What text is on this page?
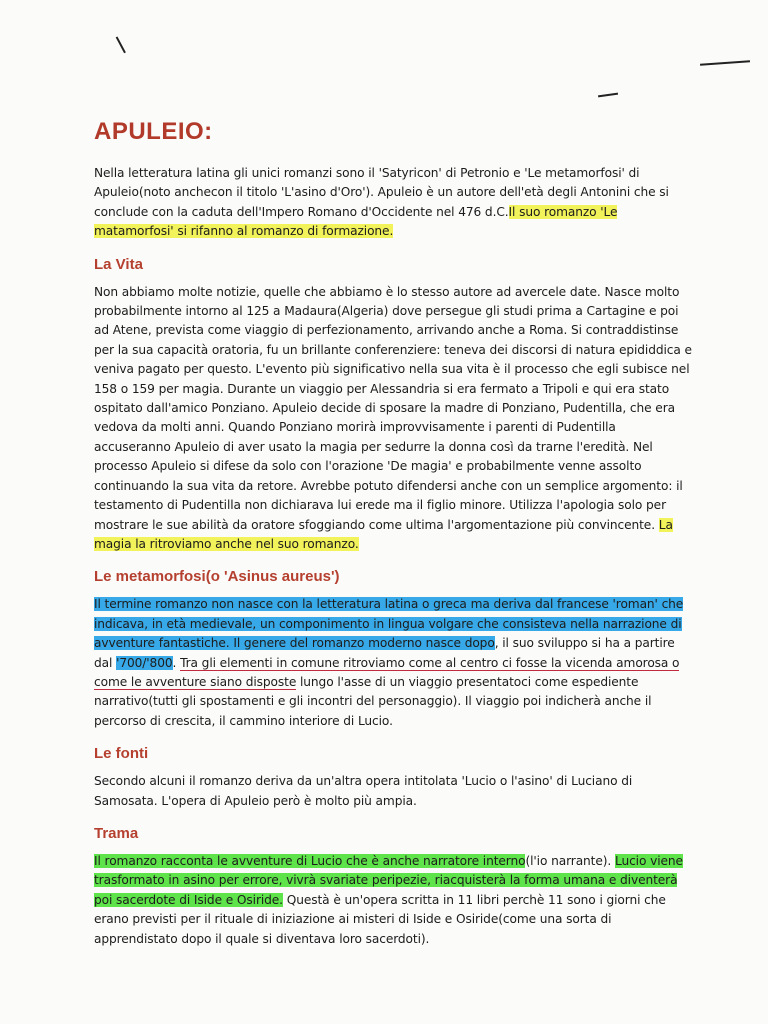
APULEIO:

Nella letteratura latina gli unici romanzi sono il 'Satyricon' di Petronio e 'Le metamorfosi' di Apuleio(noto anchecon il titolo 'L'asino d'Oro'). Apuleio è un autore dell'età degli Antonini che si conclude con la caduta dell'Impero Romano d'Occidente nel 476 d.C.Il suo romanzo 'Le matamorfosi' si rifanno al romanzo di formazione.

La Vita

Non abbiamo molte notizie, quelle che abbiamo è lo stesso autore ad avercele date. Nasce molto probabilmente intorno al 125 a Madaura(Algeria) dove persegue gli studi prima a Cartagine e poi ad Atene, prevista come viaggio di perfezionamento, arrivando anche a Roma. Si contraddistinse per la sua capacità oratoria, fu un brillante conferenziere: teneva dei discorsi di natura epididdica e veniva pagato per questo. L'evento più significativo nella sua vita è il processo che egli subisce nel 158 o 159 per magia. Durante un viaggio per Alessandria si era fermato a Tripoli e qui era stato ospitato dall'amico Ponziano. Apuleio decide di sposare la madre di Ponziano, Pudentilla, che era vedova da molti anni. Quando Ponziano morirà improvvisamente i parenti di Pudentilla accuseranno Apuleio di aver usato la magia per sedurre la donna così da trarne l'eredità. Nel processo Apuleio si difese da solo con l'orazione 'De magia' e probabilmente venne assolto continuando la sua vita da retore. Avrebbe potuto difendersi anche con un semplice argomento: il testamento di Pudentilla non dichiarava lui erede ma il figlio minore. Utilizza l'apologia solo per mostrare le sue abilità da oratore sfoggiando come ultima l'argomentazione più convincente. La magia la ritroviamo anche nel suo romanzo.

Le metamorfosi(o 'Asinus aureus')

Il termine romanzo non nasce con la letteratura latina o greca ma deriva dal francese 'roman' che indicava, in età medievale, un componimento in lingua volgare che consisteva nella narrazione di avventure fantastiche. Il genere del romanzo moderno nasce dopo, il suo sviluppo si ha a partire dal '700/'800. Tra gli elementi in comune ritroviamo come al centro ci fosse la vicenda amorosa o come le avventure siano disposte lungo l'asse di un viaggio presentatoci come espediente narrativo(tutti gli spostamenti e gli incontri del personaggio). Il viaggio poi indicherà anche il percorso di crescita, il cammino interiore di Lucio.

Le fonti

Secondo alcuni il romanzo deriva da un'altra opera intitolata 'Lucio o l'asino' di Luciano di Samosata. L'opera di Apuleio però è molto più ampia.

Trama

Il romanzo racconta le avventure di Lucio che è anche narratore interno(l'io narrante). Lucio viene trasformato in asino per errore, vivrà svariate peripezie, riacquisterà la forma umana e diventerà poi sacerdote di Iside e Osiride. Questà è un'opera scritta in 11 libri perchè 11 sono i giorni che erano previsti per il rituale di iniziazione ai misteri di Iside e Osiride(come una sorta di apprendistato dopo il quale si diventava loro sacerdoti).
